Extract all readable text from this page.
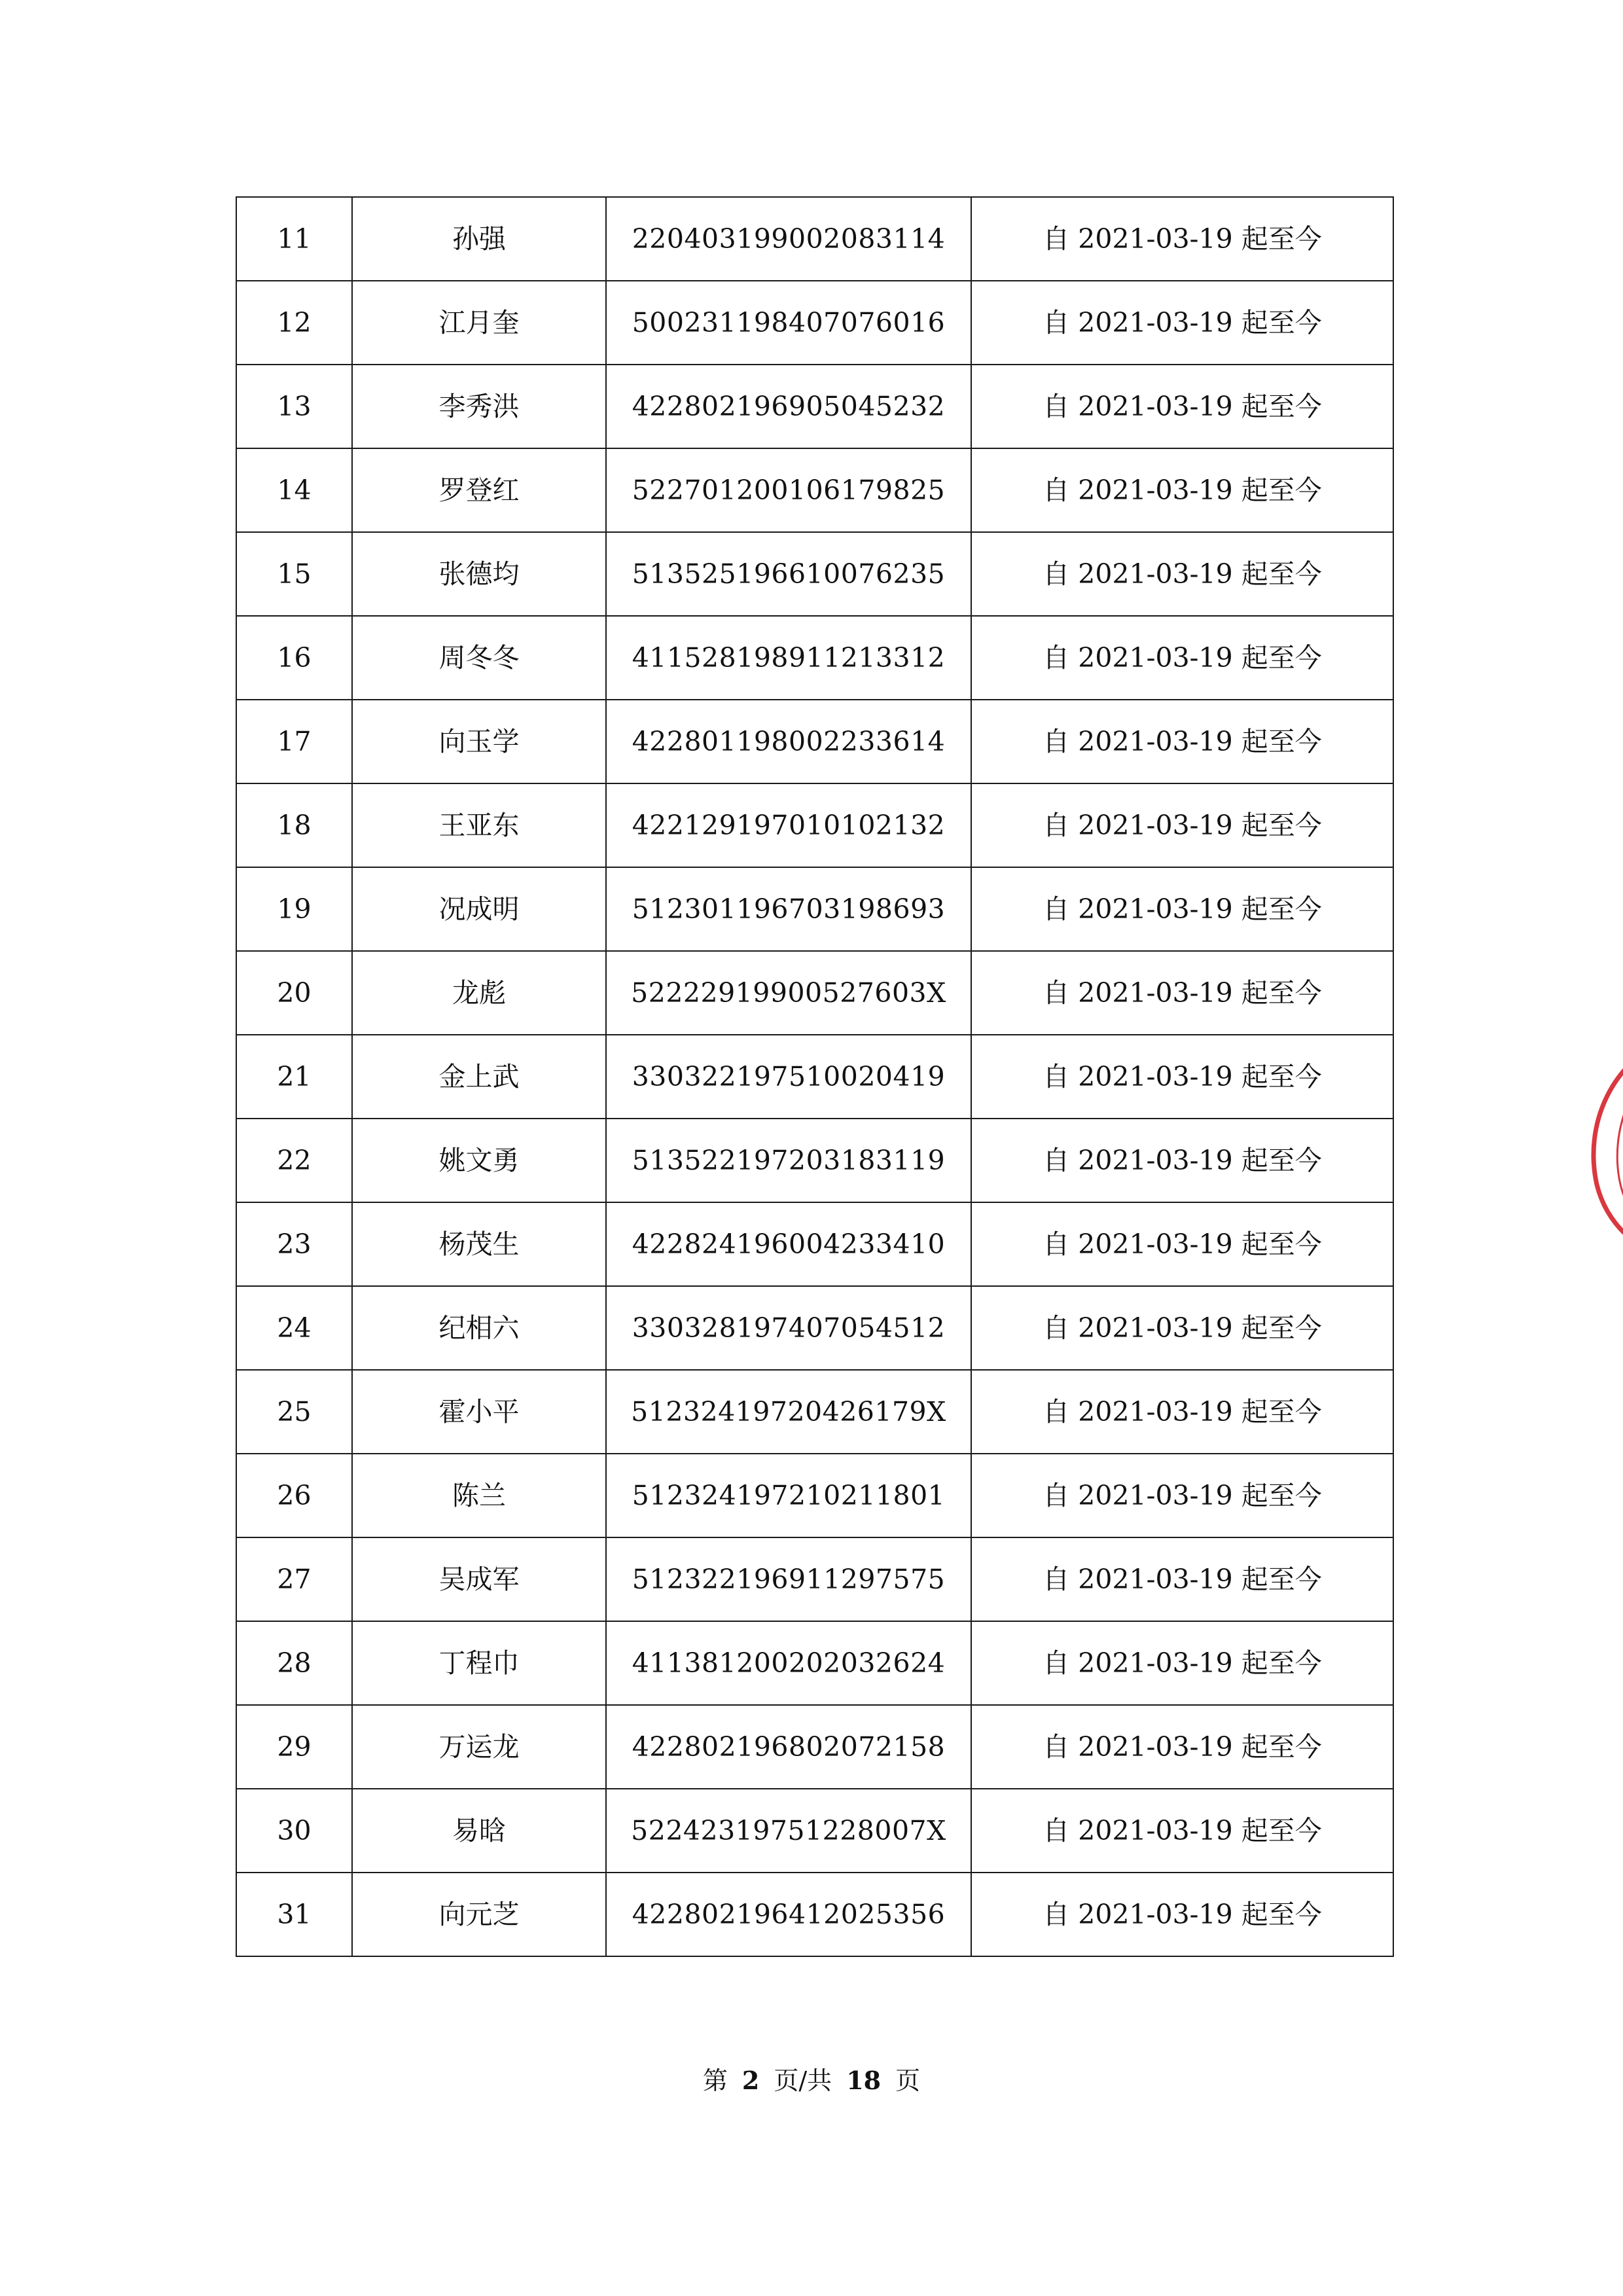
11	孙强	220403199002083114	自 2021-03-19 起至今
12	江月奎	500231198407076016	自 2021-03-19 起至今
13	李秀洪	422802196905045232	自 2021-03-19 起至今
14	罗登红	522701200106179825	自 2021-03-19 起至今
15	张德均	513525196610076235	自 2021-03-19 起至今
16	周冬冬	411528198911213312	自 2021-03-19 起至今
17	向玉学	422801198002233614	自 2021-03-19 起至今
18	王亚东	422129197010102132	自 2021-03-19 起至今
19	况成明	512301196703198693	自 2021-03-19 起至今
20	龙彪	52222919900527603X	自 2021-03-19 起至今
21	金上武	330322197510020419	自 2021-03-19 起至今
22	姚文勇	513522197203183119	自 2021-03-19 起至今
23	杨茂生	422824196004233410	自 2021-03-19 起至今
24	纪相六	330328197407054512	自 2021-03-19 起至今
25	霍小平	51232419720426179X	自 2021-03-19 起至今
26	陈兰	512324197210211801	自 2021-03-19 起至今
27	吴成军	512322196911297575	自 2021-03-19 起至今
28	丁程巾	411381200202032624	自 2021-03-19 起至今
29	万运龙	422802196802072158	自 2021-03-19 起至今
30	易晗	52242319751228007X	自 2021-03-19 起至今
31	向元芝	422802196412025356	自 2021-03-19 起至今
第 2 页/共 18 页
